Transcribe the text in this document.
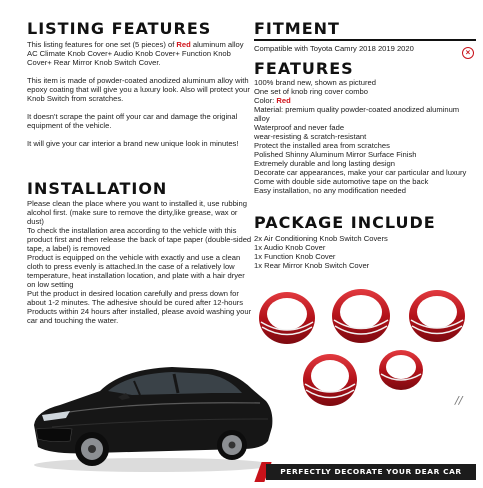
LISTING FEATURES
This listing features for one set (5 pieces) of Red aluminum alloy AC Climate Knob Cover+ Audio Knob Cover+ Function Knob Cover+ Rear Mirror Knob Switch Cover.
This item is made of powder-coated anodized aluminum alloy with epoxy coating that will give you a luxury look. Also will protect your Knob Switch from scratches.
It doesn't scrape the paint off your car and damage the original equipment of the vehicle.
It will give your car interior a brand new unique look in minutes!
INSTALLATION
Please clean the place where you want to installed it, use rubbing alcohol first. (make sure to remove the dirty,like grease, wax or dust)
To check the installation area according to the vehicle with this product first and then release the back of tape paper (double-sided tape, a label) is removed
Product is equipped on the vehicle with exactly and use a clean cloth to press evenly is attached.In the case of a relatively low temperature, heat installation location, and plate with a hair dryer on low setting
Put the product in desired location carefully and press down for about 1-2 minutes. The adhesive should be cured after 12-hours
Products within 24 hours after installed, please avoid washing your car and touching the water.
FITMENT
Compatible with Toyota Camry 2018 2019 2020	×
FEATURES
100% brand new, shown as pictured
One set of knob ring cover combo
Color: Red
Material: premium quality powder-coated anodized aluminum alloy
Waterproof and never fade
wear-resisting & scratch-resistant
Protect the installed area from scratches
Polished Shinny Aluminum Mirror Surface Finish
Extremely durable and long lasting design
Decorate car appearances, make your car particular and luxury
Come with double side automotive tape on the back
Easy installation, no any modification needed
PACKAGE INCLUDE
2x Air Conditioning Knob Switch Covers
1x Audio Knob Cover
1x Function Knob Cover
1x Rear Mirror Knob Switch Cover
//
PERFECTLY DECORATE YOUR DEAR CAR
